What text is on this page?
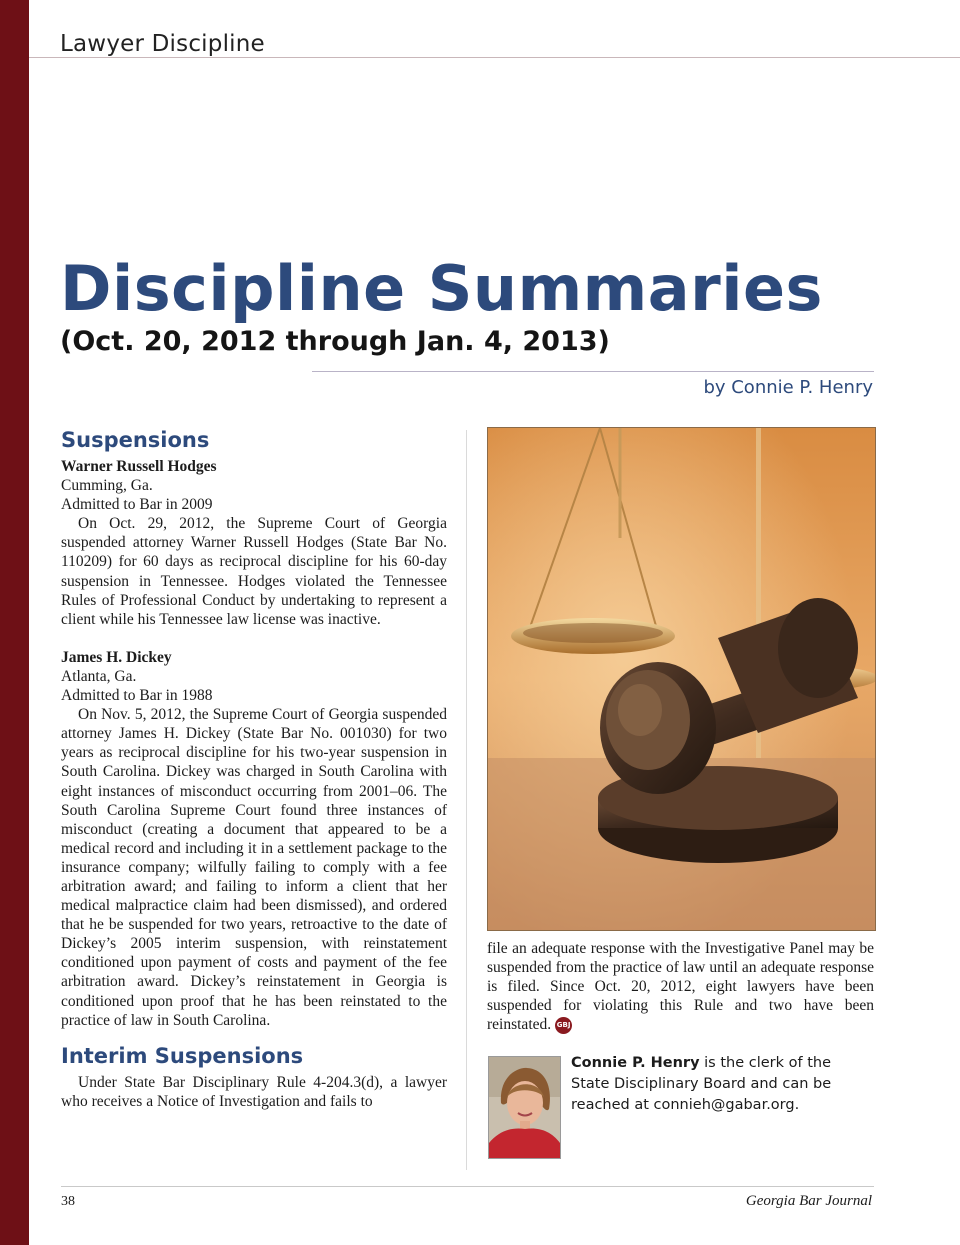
Lawyer Discipline
Discipline Summaries
(Oct. 20, 2012 through Jan. 4, 2013)
by Connie P. Henry
Suspensions
Warner Russell Hodges
Cumming, Ga.
Admitted to Bar in 2009
On Oct. 29, 2012, the Supreme Court of Georgia suspended attorney Warner Russell Hodges (State Bar No. 110209) for 60 days as reciprocal discipline for his 60-day suspension in Tennessee. Hodges violated the Tennessee Rules of Professional Conduct by undertaking to represent a client while his Tennessee law license was inactive.
James H. Dickey
Atlanta, Ga.
Admitted to Bar in 1988
On Nov. 5, 2012, the Supreme Court of Georgia suspended attorney James H. Dickey (State Bar No. 001030) for two years as reciprocal discipline for his two-year suspension in South Carolina. Dickey was charged in South Carolina with eight instances of misconduct occurring from 2001–06. The South Carolina Supreme Court found three instances of misconduct (creating a document that appeared to be a medical record and including it in a settlement package to the insurance company; wilfully failing to comply with a fee arbitration award; and failing to inform a client that her medical malpractice claim had been dismissed), and ordered that he be suspended for two years, retroactive to the date of Dickey’s 2005 interim suspension, with reinstatement conditioned upon payment of costs and payment of the fee arbitration award. Dickey’s reinstatement in Georgia is conditioned upon proof that he has been reinstated to the practice of law in South Carolina.
Interim Suspensions
Under State Bar Disciplinary Rule 4-204.3(d), a lawyer who receives a Notice of Investigation and fails to
file an adequate response with the Investigative Panel may be suspended from the practice of law until an adequate response is filed. Since Oct. 20, 2012, eight lawyers have been suspended for violating this Rule and two have been reinstated. GBJ
Connie P. Henry is the clerk of the State Disciplinary Board and can be reached at connieh@gabar.org.
38	Georgia Bar Journal
